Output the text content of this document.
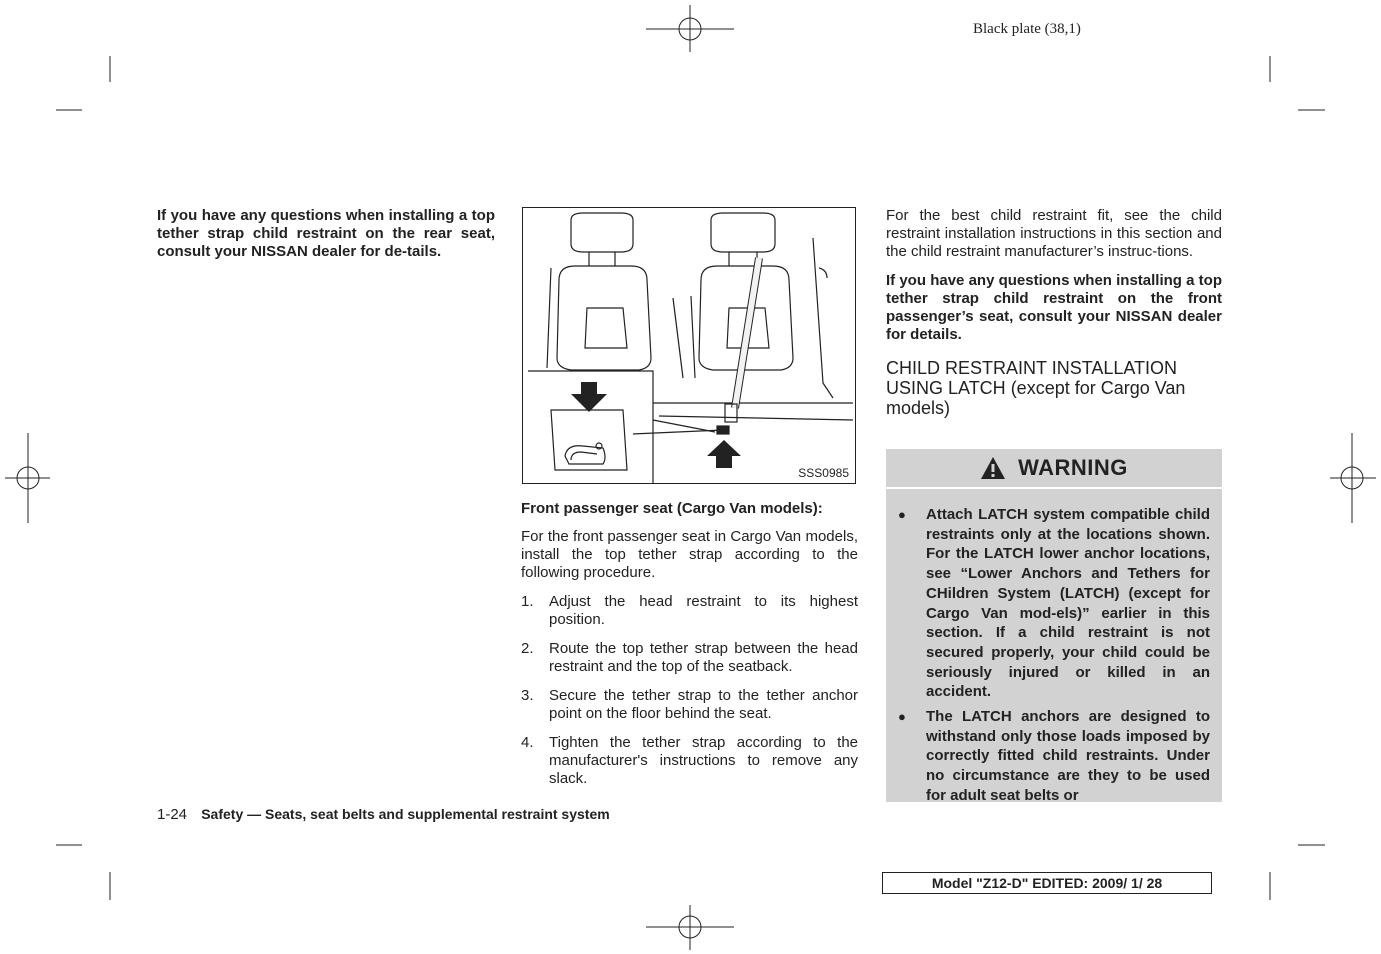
Black plate (38,1)
If you have any questions when installing a top tether strap child restraint on the rear seat, consult your NISSAN dealer for de-tails.
SSS0985
Front passenger seat (Cargo Van models):
For the front passenger seat in Cargo Van models, install the top tether strap according to the following procedure.
1.	Adjust the head restraint to its highest position.
2.	Route the top tether strap between the head restraint and the top of the seatback.
3.	Secure the tether strap to the tether anchor point on the floor behind the seat.
4.	Tighten the tether strap according to the manufacturer's instructions to remove any slack.
For the best child restraint fit, see the child restraint installation instructions in this section and the child restraint manufacturer’s instruc-tions.
If you have any questions when installing a top tether strap child restraint on the front passenger’s seat, consult your NISSAN dealer for details.
CHILD RESTRAINT INSTALLATION USING LATCH (except for Cargo Van models)
WARNING
●	Attach LATCH system compatible child restraints only at the locations shown. For the LATCH lower anchor locations, see “Lower Anchors and Tethers for CHildren System (LATCH) (except for Cargo Van mod-els)” earlier in this section. If a child restraint is not secured properly, your child could be seriously injured or killed in an accident.
●	The LATCH anchors are designed to withstand only those loads imposed by correctly fitted child restraints. Under no circumstance are they to be used for adult seat belts or
1-24 Safety — Seats, seat belts and supplemental restraint system
Model "Z12-D" EDITED: 2009/ 1/ 28
